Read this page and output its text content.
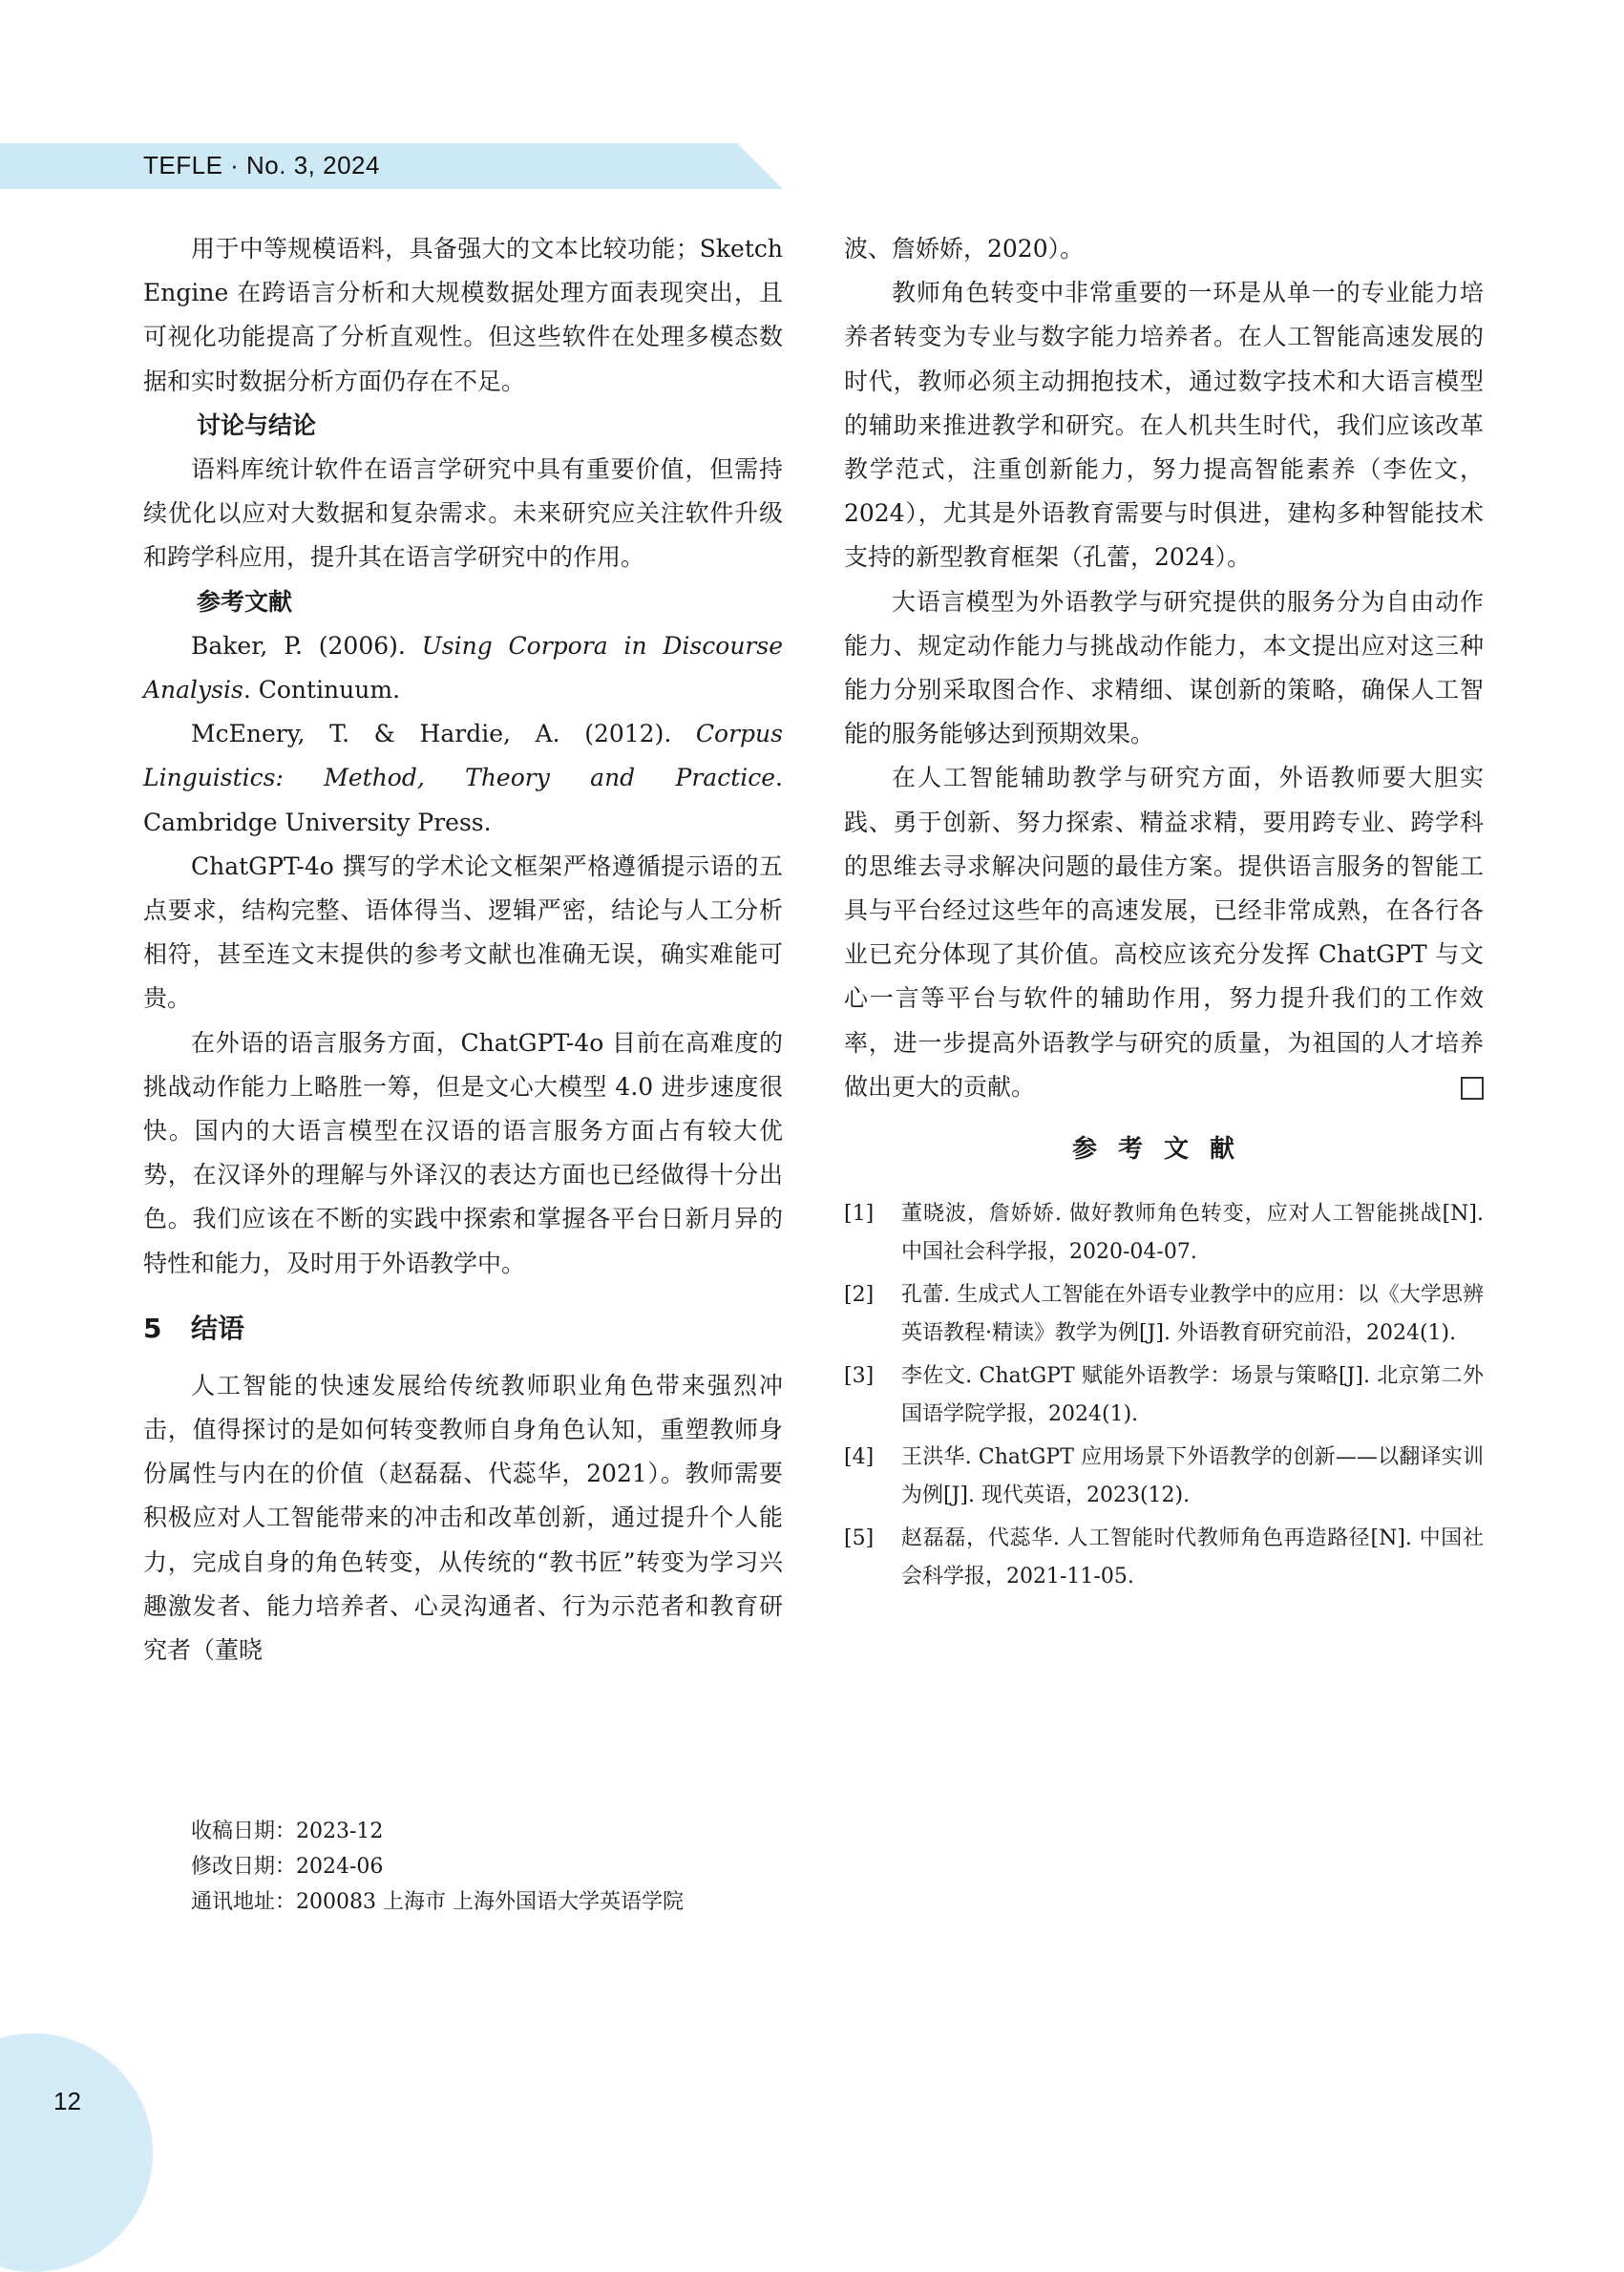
TEFLE · No. 3, 2024

用于中等规模语料，具备强大的文本比较功能；Sketch Engine 在跨语言分析和大规模数据处理方面表现突出，且可视化功能提高了分析直观性。但这些软件在处理多模态数据和实时数据分析方面仍存在不足。

讨论与结论

语料库统计软件在语言学研究中具有重要价值，但需持续优化以应对大数据和复杂需求。未来研究应关注软件升级和跨学科应用，提升其在语言学研究中的作用。

参考文献

Baker, P. (2006). Using Corpora in Discourse Analysis. Continuum.

McEnery, T. & Hardie, A. (2012). Corpus Linguistics: Method, Theory and Practice. Cambridge University Press.

ChatGPT-4o 撰写的学术论文框架严格遵循提示语的五点要求，结构完整、语体得当、逻辑严密，结论与人工分析相符，甚至连文末提供的参考文献也准确无误，确实难能可贵。

在外语的语言服务方面，ChatGPT-4o 目前在高难度的挑战动作能力上略胜一筹，但是文心大模型 4.0 进步速度很快。国内的大语言模型在汉语的语言服务方面占有较大优势，在汉译外的理解与外译汉的表达方面也已经做得十分出色。我们应该在不断的实践中探索和掌握各平台日新月异的特性和能力，及时用于外语教学中。

5 结语

人工智能的快速发展给传统教师职业角色带来强烈冲击，值得探讨的是如何转变教师自身角色认知，重塑教师身份属性与内在的价值（赵磊磊、代蕊华，2021）。教师需要积极应对人工智能带来的冲击和改革创新，通过提升个人能力，完成自身的角色转变，从传统的“教书匠”转变为学习兴趣激发者、能力培养者、心灵沟通者、行为示范者和教育研究者（董晓

波、詹娇娇，2020）。

教师角色转变中非常重要的一环是从单一的专业能力培养者转变为专业与数字能力培养者。在人工智能高速发展的时代，教师必须主动拥抱技术，通过数字技术和大语言模型的辅助来推进教学和研究。在人机共生时代，我们应该改革教学范式，注重创新能力，努力提高智能素养（李佐文，2024），尤其是外语教育需要与时俱进，建构多种智能技术支持的新型教育框架（孔蕾，2024）。

大语言模型为外语教学与研究提供的服务分为自由动作能力、规定动作能力与挑战动作能力，本文提出应对这三种能力分别采取图合作、求精细、谋创新的策略，确保人工智能的服务能够达到预期效果。

在人工智能辅助教学与研究方面，外语教师要大胆实践、勇于创新、努力探索、精益求精，要用跨专业、跨学科的思维去寻求解决问题的最佳方案。提供语言服务的智能工具与平台经过这些年的高速发展，已经非常成熟，在各行各业已充分体现了其价值。高校应该充分发挥 ChatGPT 与文心一言等平台与软件的辅助作用，努力提升我们的工作效率，进一步提高外语教学与研究的质量，为祖国的人才培养做出更大的贡献。

参考文献
[1]	董晓波，詹娇娇. 做好教师角色转变，应对人工智能挑战[N]. 中国社会科学报，2020-04-07.
[2]	孔蕾. 生成式人工智能在外语专业教学中的应用：以《大学思辨英语教程·精读》教学为例[J]. 外语教育研究前沿，2024(1).
[3]	李佐文. ChatGPT 赋能外语教学：场景与策略[J]. 北京第二外国语学院学报，2024(1).
[4]	王洪华. ChatGPT 应用场景下外语教学的创新——以翻译实训为例[J]. 现代英语，2023(12).
[5]	赵磊磊，代蕊华. 人工智能时代教师角色再造路径[N]. 中国社会科学报，2021-11-05.
收稿日期：2023-12
修改日期：2024-06
通讯地址：200083 上海市 上海外国语大学英语学院
12
